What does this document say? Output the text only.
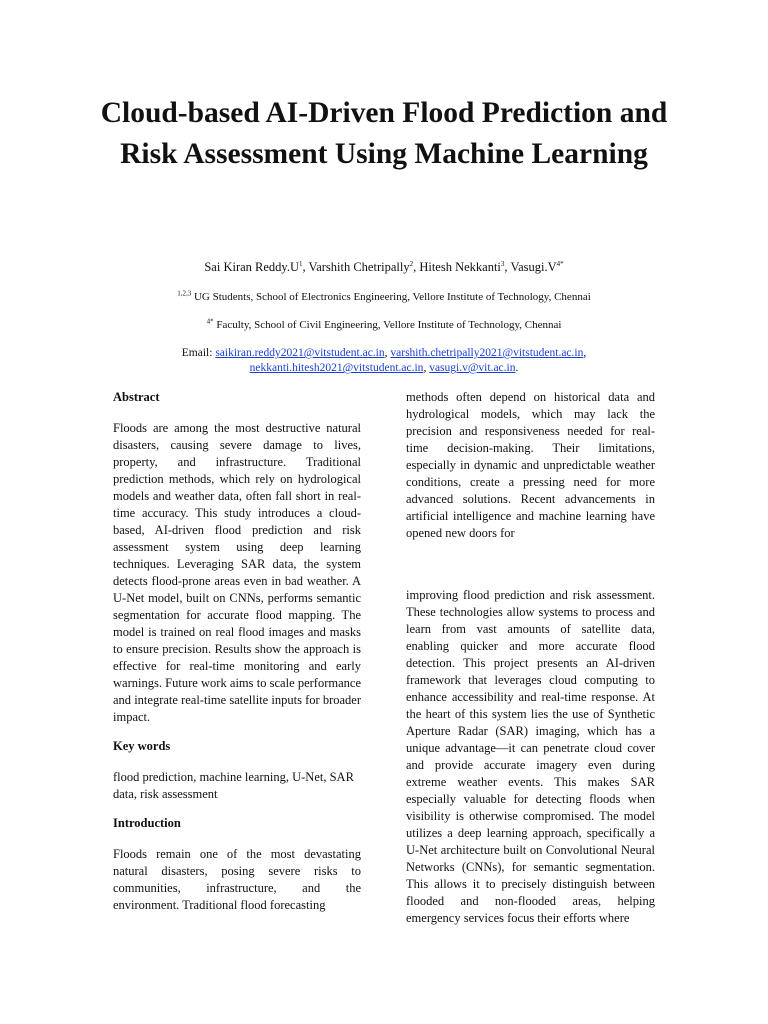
Cloud-based AI-Driven Flood Prediction and Risk Assessment Using Machine Learning
Sai Kiran $Reddy.U^1$, Varshith Chetripally$^2$, Hitesh Nekkanti$^3$, $Vasugi.V^{4*}$
$^{1,2,3}$ UG Students, School of Electronics Engineering, Vellore Institute of Technology, Chennai
$^{4*}$ Faculty, School of Civil Engineering, Vellore Institute of Technology, Chennai
Email: saikiran.reddy2021@vitstudent.ac.in, varshith.chetripally2021@vitstudent.ac.in,
nekkanti.hitesh2021@vitstudent.ac.in, vasugi.v@vit.ac.in.

Abstract

Floods are among the most destructive natural disasters, causing severe damage to lives, property, and infrastructure. Traditional prediction methods, which rely on hydrological models and weather data, often fall short in real-time accuracy. This study introduces a cloud-based, AI-driven flood prediction and risk assessment system using deep learning techniques. Leveraging SAR data, the system detects flood-prone areas even in bad weather. A U-Net model, built on CNNs, performs semantic segmentation for accurate flood mapping. The model is trained on real flood images and masks to ensure precision. Results show the approach is effective for real-time monitoring and early warnings. Future work aims to scale performance and integrate real-time satellite inputs for broader impact.

Key words

flood prediction, machine learning, U-Net, SAR data, risk assessment

Introduction

Floods remain one of the most devastating natural disasters, posing severe risks to communities, infrastructure, and the environment. Traditional flood forecasting

methods often depend on historical data and hydrological models, which may lack the precision and responsiveness needed for real-time decision-making. Their limitations, especially in dynamic and unpredictable weather conditions, create a pressing need for more advanced solutions. Recent advancements in artificial intelligence and machine learning have opened new doors for

improving flood prediction and risk assessment. These technologies allow systems to process and learn from vast amounts of satellite data, enabling quicker and more accurate flood detection. This project presents an AI-driven framework that leverages cloud computing to enhance accessibility and real-time response. At the heart of this system lies the use of Synthetic Aperture Radar (SAR) imaging, which has a unique advantage—it can penetrate cloud cover and provide accurate imagery even during extreme weather events. This makes SAR especially valuable for detecting floods when visibility is otherwise compromised. The model utilizes a deep learning approach, specifically a U-Net architecture built on Convolutional Neural Networks (CNNs), for semantic segmentation. This allows it to precisely distinguish between flooded and non-flooded areas, helping emergency services focus their efforts where
